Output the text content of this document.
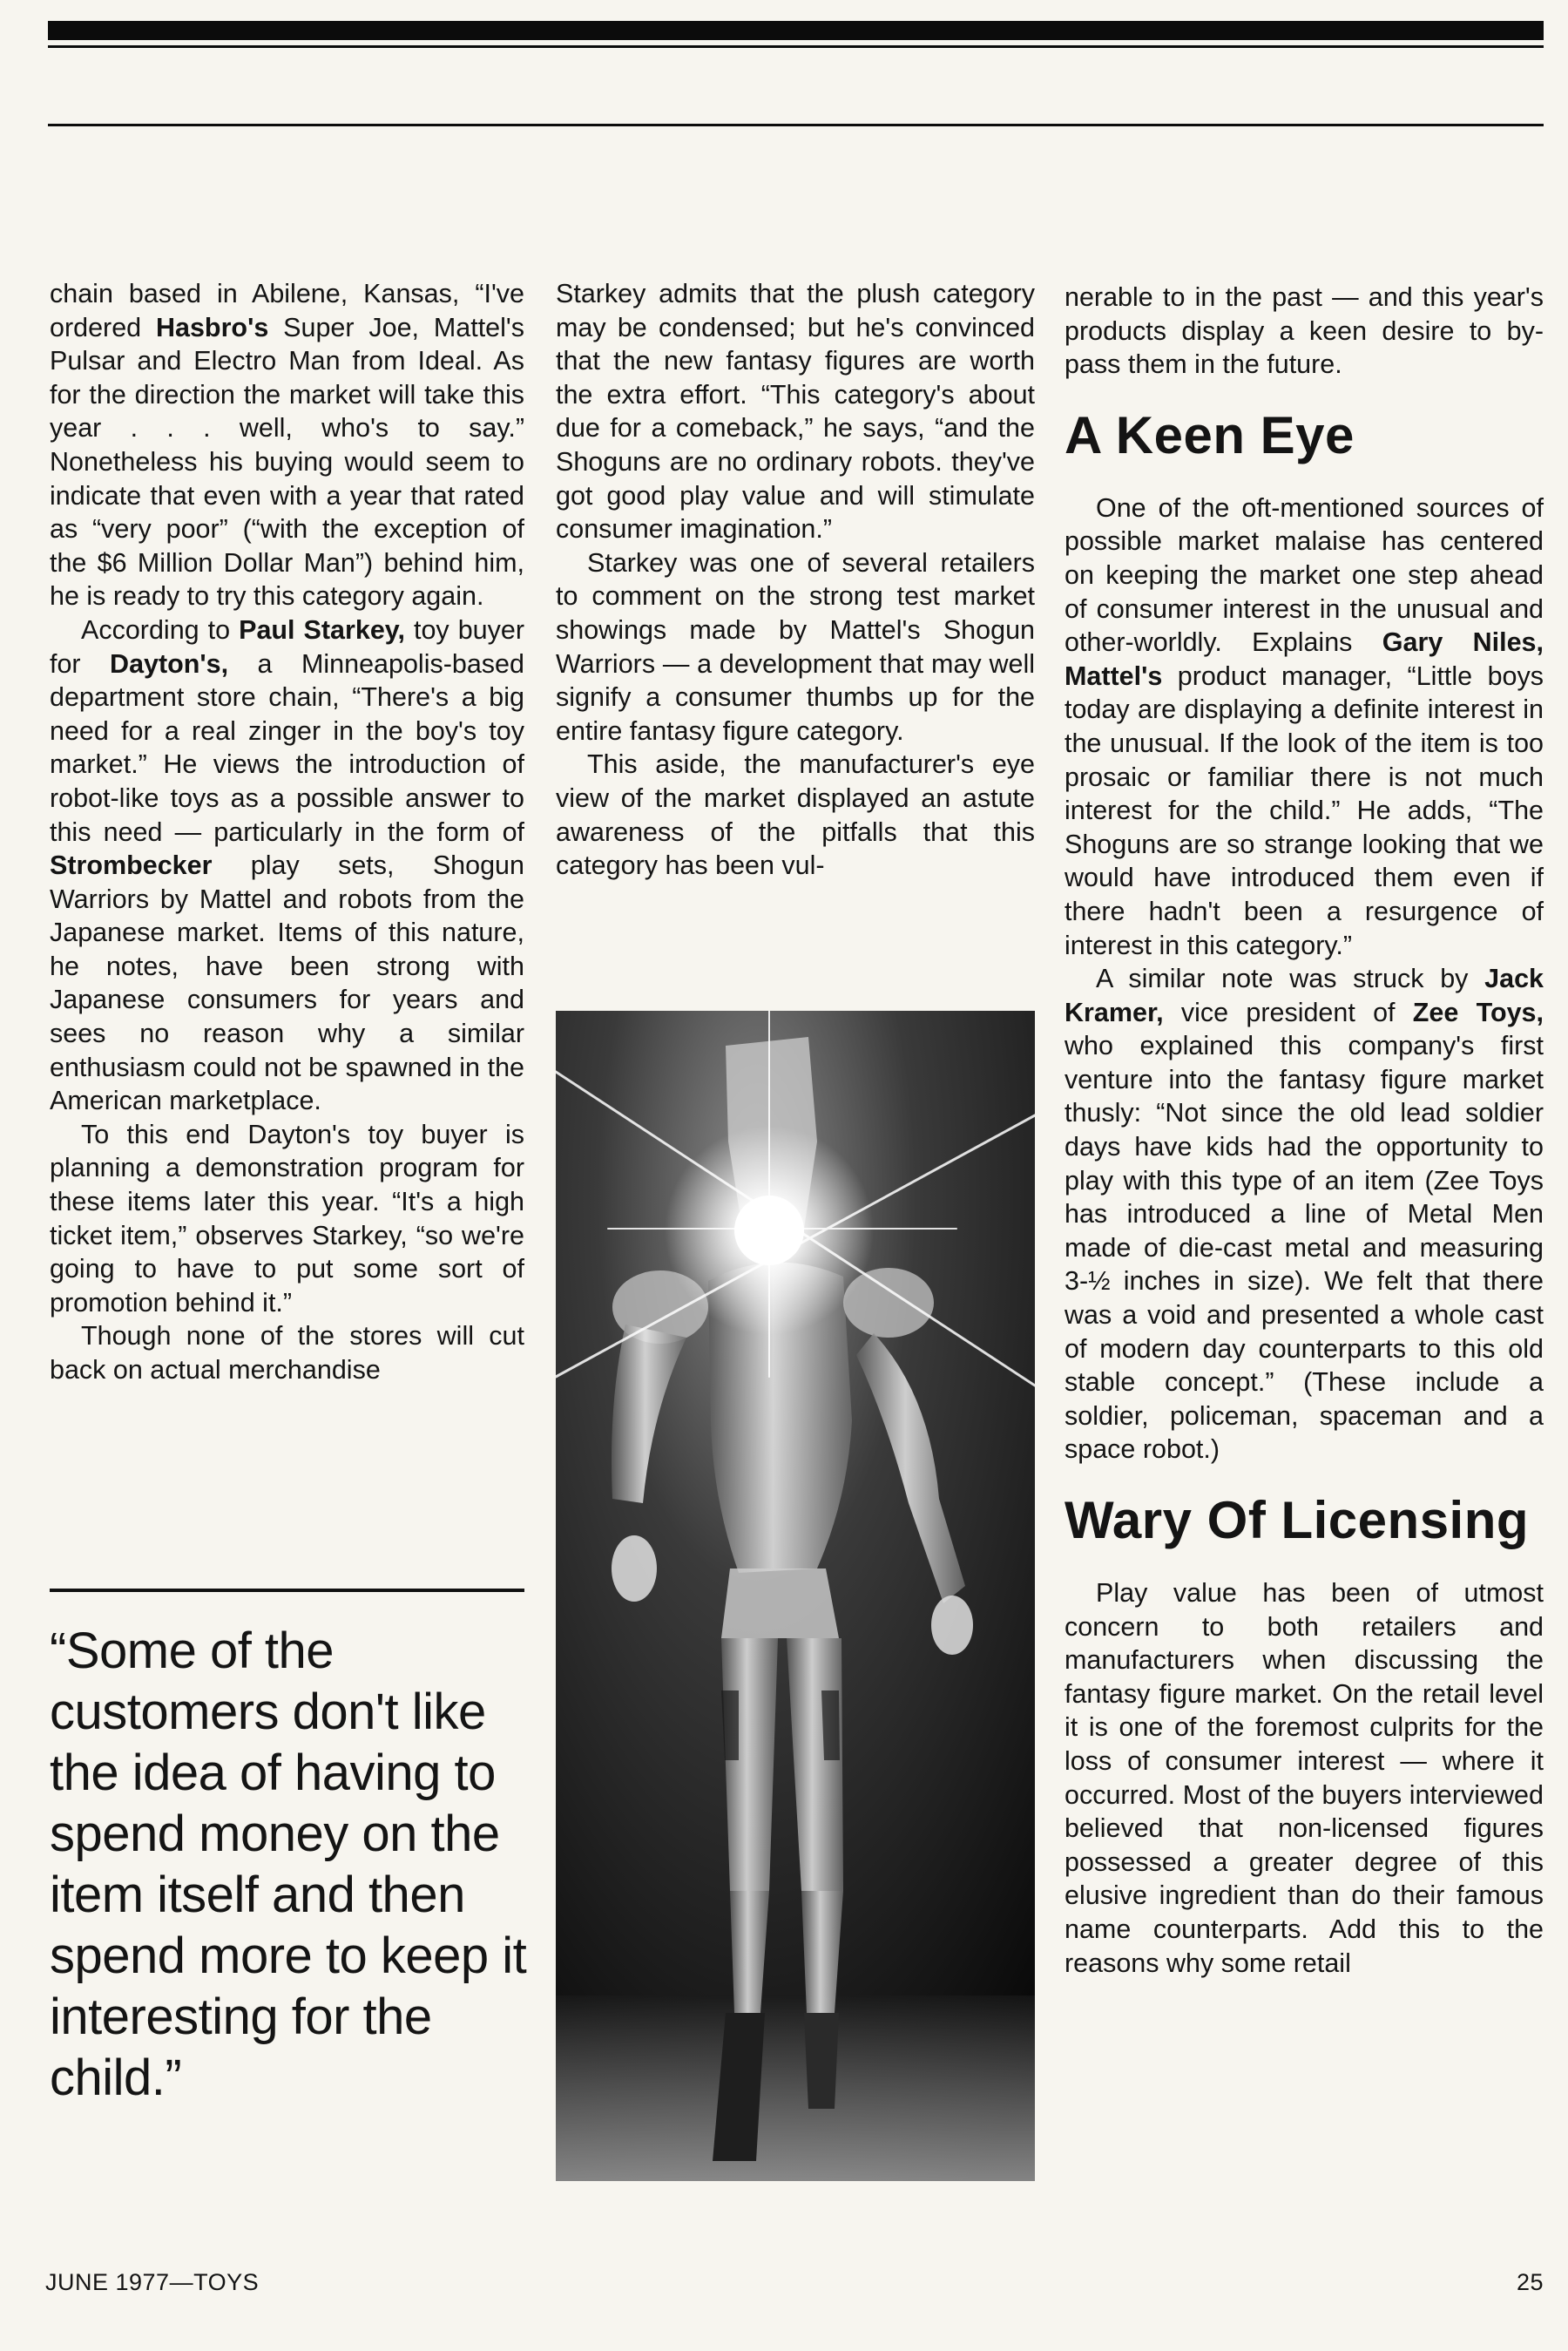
chain based in Abilene, Kansas, “I've ordered Hasbro's Super Joe, Mattel's Pulsar and Electro Man from Ideal. As for the direction the market will take this year . . . well, who's to say.” Nonetheless his buying would seem to indicate that even with a year that rated as “very poor” (“with the exception of the $6 Million Dollar Man”) behind him, he is ready to try this category again.

According to Paul Starkey, toy buyer for Dayton's, a Minneapolis-based department store chain, “There's a big need for a real zinger in the boy's toy market.” He views the introduction of robot-like toys as a possible answer to this need — particularly in the form of Strombecker play sets, Shogun Warriors by Mattel and robots from the Japanese market. Items of this nature, he notes, have been strong with Japanese consumers for years and sees no reason why a similar enthusiasm could not be spawned in the American marketplace.

To this end Dayton's toy buyer is planning a demonstration program for these items later this year. “It's a high ticket item,” observes Starkey, “so we're going to have to put some sort of promotion behind it.”

Though none of the stores will cut back on actual merchandise

“Some of the customers don't like the idea of having to spend money on the item itself and then spend more to keep it interesting for the child.”

Starkey admits that the plush category may be condensed; but he's convinced that the new fantasy figures are worth the extra effort. “This category's about due for a comeback,” he says, “and the Shoguns are no ordinary robots. they've got good play value and will stimulate consumer imagination.”

Starkey was one of several retailers to comment on the strong test market showings made by Mattel's Shogun Warriors — a development that may well signify a consumer thumbs up for the entire fantasy figure category.

This aside, the manufacturer's eye view of the market displayed an astute awareness of the pitfalls that this category has been vul-

nerable to in the past — and this year's products display a keen desire to by-pass them in the future.

A Keen Eye

One of the oft-mentioned sources of possible market malaise has centered on keeping the market one step ahead of consumer interest in the unusual and other-worldly. Explains Gary Niles, Mattel's product manager, “Little boys today are displaying a definite interest in the unusual. If the look of the item is too prosaic or familiar there is not much interest for the child.” He adds, “The Shoguns are so strange looking that we would have introduced them even if there hadn't been a resurgence of interest in this category.”

A similar note was struck by Jack Kramer, vice president of Zee Toys, who explained this company's first venture into the fantasy figure market thusly: “Not since the old lead soldier days have kids had the opportunity to play with this type of an item (Zee Toys has introduced a line of Metal Men made of die-cast metal and measuring 3-½ inches in size). We felt that there was a void and presented a whole cast of modern day counterparts to this old stable concept.” (These include a soldier, policeman, spaceman and a space robot.)

Wary Of Licensing

Play value has been of utmost concern to both retailers and manufacturers when discussing the fantasy figure market. On the retail level it is one of the foremost culprits for the loss of consumer interest — where it occurred. Most of the buyers interviewed believed that non-licensed figures possessed a greater degree of this elusive ingredient than do their famous name counterparts. Add this to the reasons why some retail

JUNE 1977—TOYS	25
